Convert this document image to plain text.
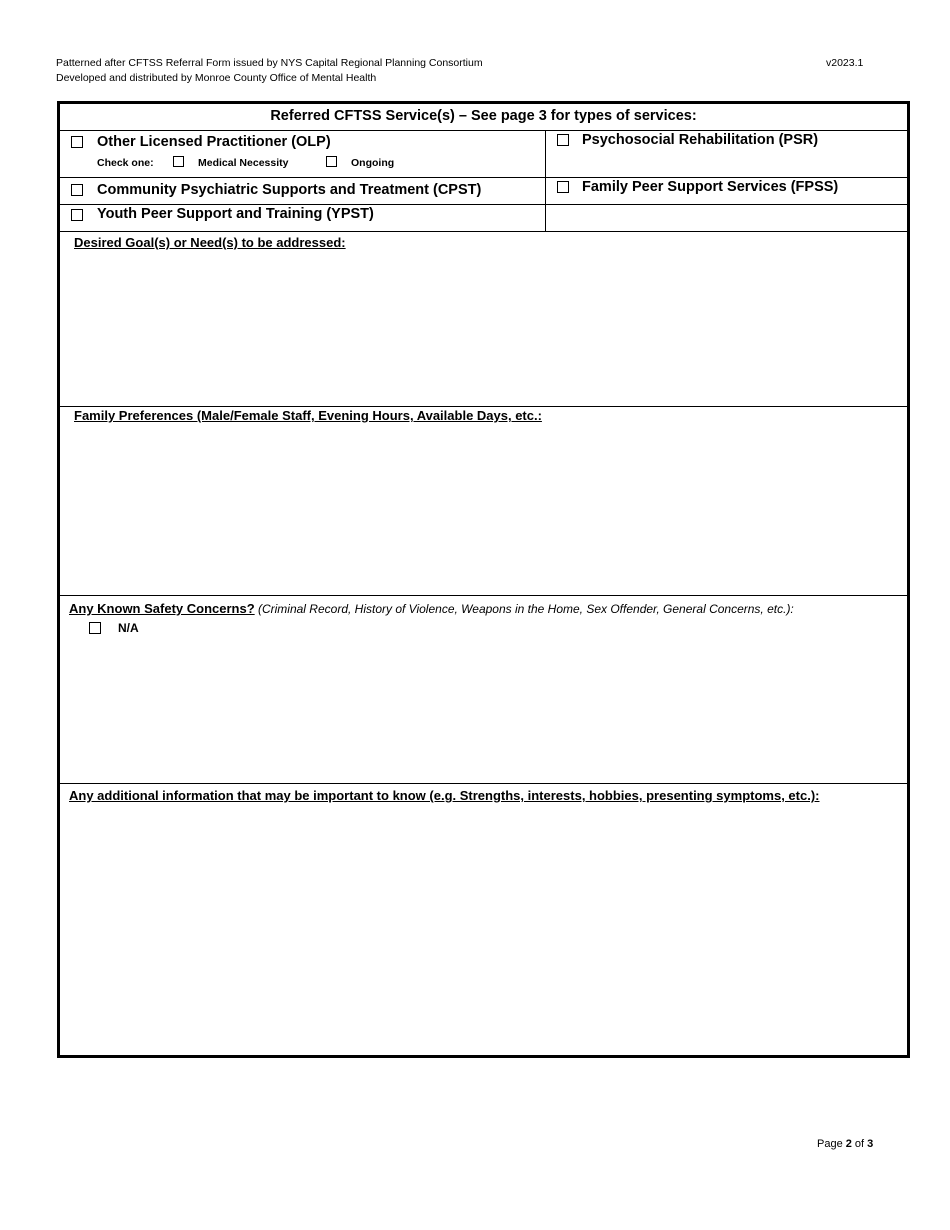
Patterned after CFTSS Referral Form issued by NYS Capital Regional Planning Consortium
Developed and distributed by Monroe County Office of Mental Health
v2023.1
Referred CFTSS Service(s) – See page 3 for types of services:
Other Licensed Practitioner (OLP)
Check one:	Medical Necessity	Ongoing
Psychosocial Rehabilitation (PSR)
Community Psychiatric Supports and Treatment (CPST)	Family Peer Support Services (FPSS)
Youth Peer Support and Training (YPST)
Desired Goal(s) or Need(s) to be addressed:
Family Preferences (Male/Female Staff, Evening Hours, Available Days, etc.:
Any Known Safety Concerns? (Criminal Record, History of Violence, Weapons in the Home, Sex Offender, General Concerns, etc.):
N/A
Any additional information that may be important to know (e.g. Strengths, interests, hobbies, presenting symptoms, etc.):
Page 2 of 3
